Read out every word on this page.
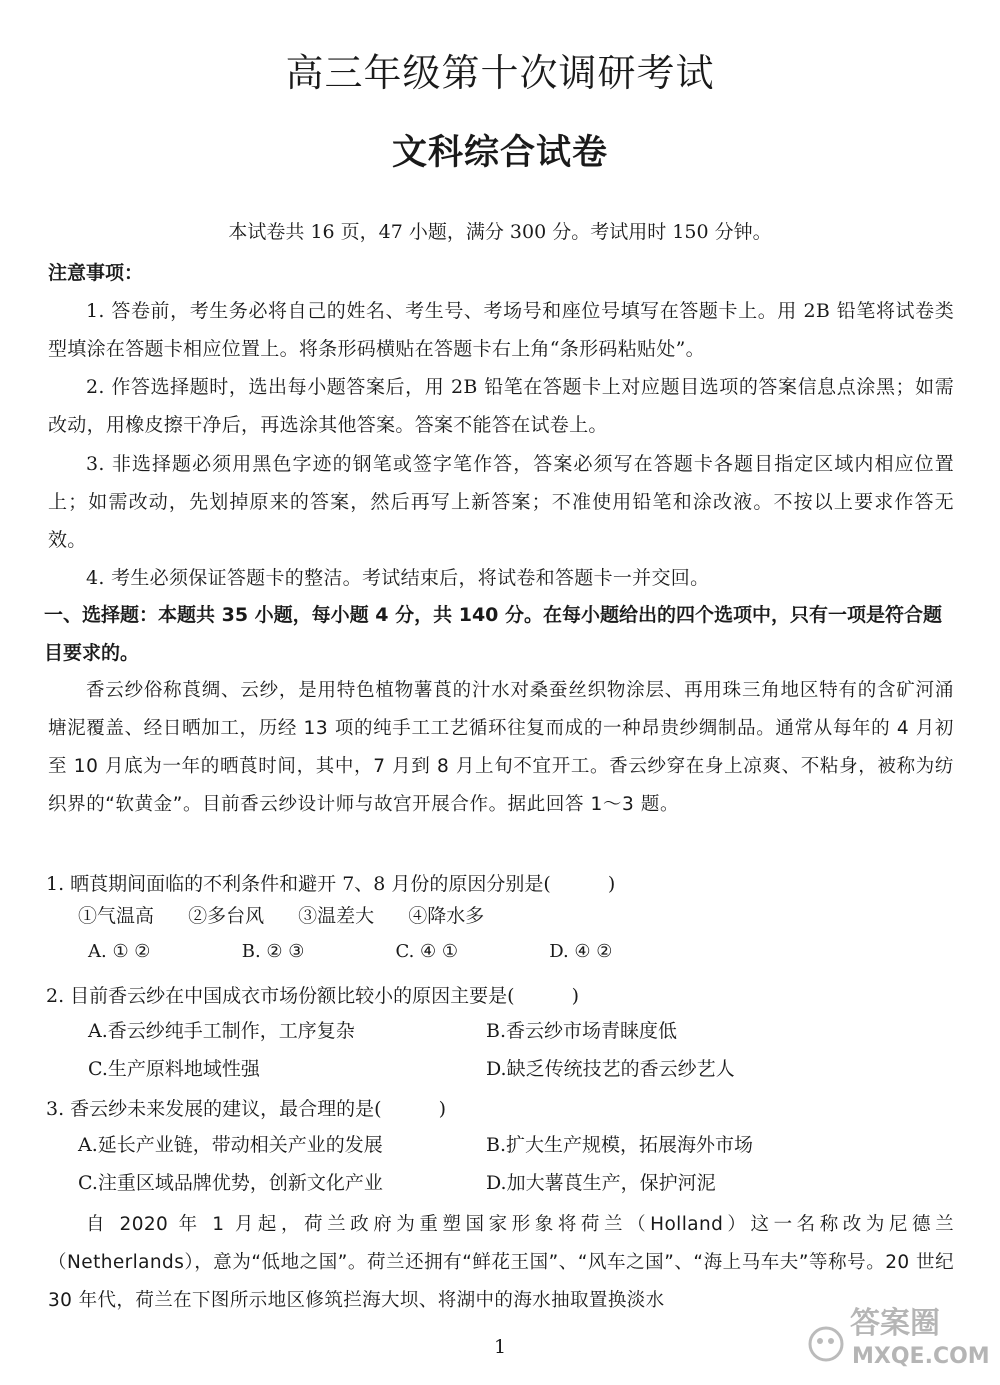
高三年级第十次调研考试
文科综合试卷
本试卷共 16 页，47 小题，满分 300 分。考试用时 150 分钟。
注意事项：
1. 答卷前，考生务必将自己的姓名、考生号、考场号和座位号填写在答题卡上。用 2B 铅笔将试卷类型填涂在答题卡相应位置上。将条形码横贴在答题卡右上角“条形码粘贴处”。
2. 作答选择题时，选出每小题答案后，用 2B 铅笔在答题卡上对应题目选项的答案信息点涂黑；如需改动，用橡皮擦干净后，再选涂其他答案。答案不能答在试卷上。
3. 非选择题必须用黑色字迹的钢笔或签字笔作答，答案必须写在答题卡各题目指定区域内相应位置上；如需改动，先划掉原来的答案，然后再写上新答案；不准使用铅笔和涂改液。不按以上要求作答无效。
4. 考生必须保证答题卡的整洁。考试结束后，将试卷和答题卡一并交回。
一、选择题：本题共 35 小题，每小题 4 分，共 140 分。在每小题给出的四个选项中，只有一项是符合题目要求的。
香云纱俗称莨绸、云纱，是用特色植物薯莨的汁水对桑蚕丝织物涂层、再用珠三角地区特有的含矿河涌塘泥覆盖、经日晒加工，历经 13 项的纯手工工艺循环往复而成的一种昂贵纱绸制品。通常从每年的 4 月初至 10 月底为一年的晒莨时间，其中，7 月到 8 月上旬不宜开工。香云纱穿在身上凉爽、不粘身，被称为纺织界的“软黄金”。目前香云纱设计师与故宫开展合作。据此回答 1～3 题。
1. 晒莨期间面临的不利条件和避开 7、8 月份的原因分别是(　　　)
①气温高 ②多台风 ③温差大 ④降水多
A. ① ②	B. ② ③	C. ④ ①	D. ④ ②
2. 目前香云纱在中国成衣市场份额比较小的原因主要是(　　　)
A.香云纱纯手工制作，工序复杂	B.香云纱市场青睐度低
C.生产原料地域性强	D.缺乏传统技艺的香云纱艺人
3. 香云纱未来发展的建议，最合理的是(　　　)
A.延长产业链，带动相关产业的发展	B.扩大生产规模，拓展海外市场
C.注重区域品牌优势，创新文化产业	D.加大薯莨生产，保护河泥
自 2020 年 1 月起，荷兰政府为重塑国家形象将荷兰（Holland）这一名称改为尼德兰（Netherlands），意为“低地之国”。荷兰还拥有“鲜花王国”、“风车之国”、“海上马车夫”等称号。20 世纪 30 年代，荷兰在下图所示地区修筑拦海大坝、将湖中的海水抽取置换淡水
1
答案圈
MXQE.COM
